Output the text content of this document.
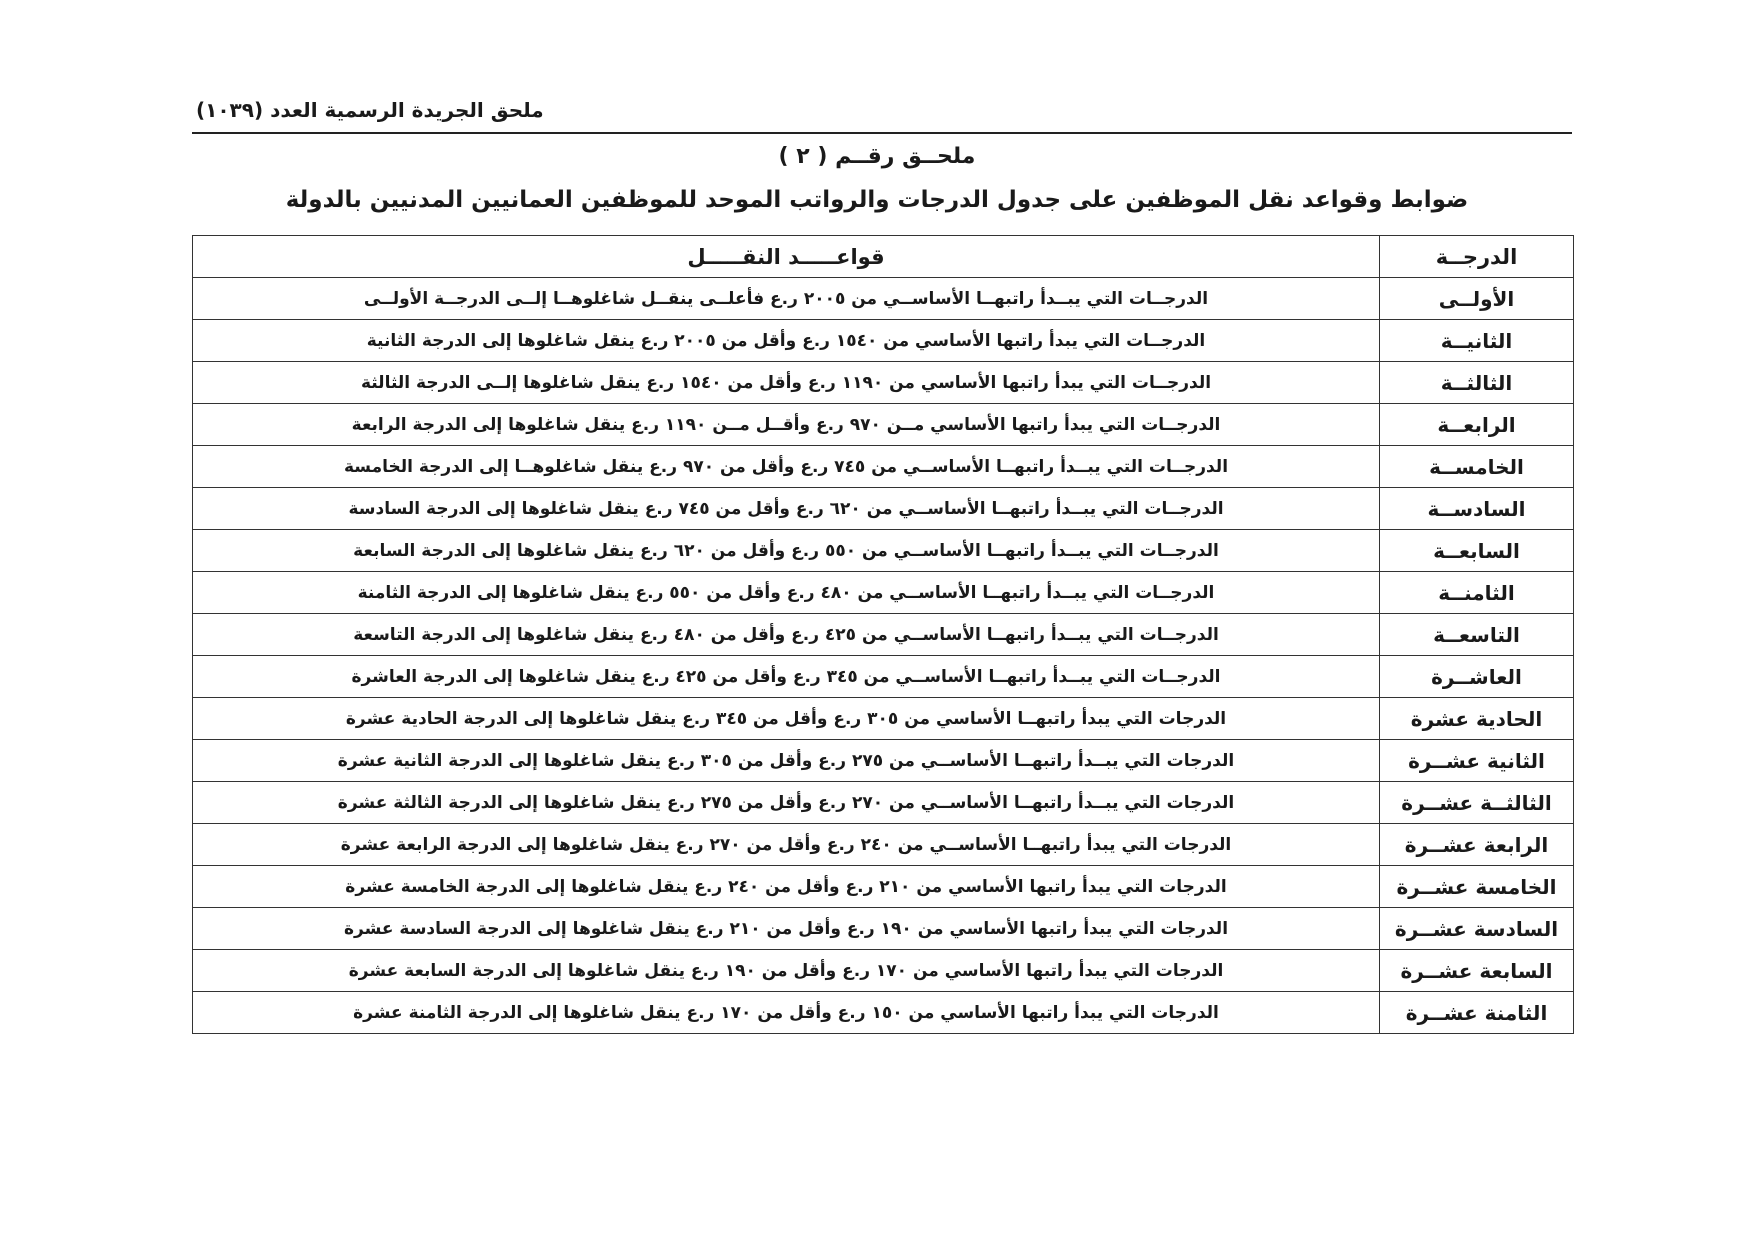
ملحق الجريدة الرسمية العدد (١٠٣٩)
ملحــق رقــم ( ٢ )
ضوابط وقواعد نقل الموظفين على جدول الدرجات والرواتب الموحد للموظفين العمانيين المدنيين بالدولة
الدرجــة	قواعـــــد النقـــــل
الأولــى	الدرجــات التي يبــدأ راتبهــا الأساســي من ٢٠٠٥ ر.ع فأعلــى ينقــل شاغلوهــا إلــى الدرجــة الأولــى
الثانيــة	الدرجــات التي يبدأ راتبها الأساسي من ١٥٤٠ ر.ع وأقل من ٢٠٠٥ ر.ع ينقل شاغلوها إلى الدرجة الثانية
الثالثــة	الدرجــات التي يبدأ راتبها الأساسي من ١١٩٠ ر.ع وأقل من ١٥٤٠ ر.ع ينقل شاغلوها إلــى الدرجة الثالثة
الرابعــة	الدرجــات التي يبدأ راتبها الأساسي مــن ٩٧٠ ر.ع وأقــل مــن ١١٩٠ ر.ع ينقل شاغلوها إلى الدرجة الرابعة
الخامســة	الدرجــات التي يبــدأ راتبهــا الأساســي من ٧٤٥ ر.ع وأقل من ٩٧٠ ر.ع ينقل شاغلوهــا إلى الدرجة الخامسة
السادســة	الدرجــات التي يبــدأ راتبهــا الأساســي من ٦٢٠ ر.ع وأقل من ٧٤٥ ر.ع ينقل شاغلوها إلى الدرجة السادسة
السابعــة	الدرجــات التي يبــدأ راتبهــا الأساســي من ٥٥٠ ر.ع وأقل من ٦٢٠ ر.ع ينقل شاغلوها إلى الدرجة السابعة
الثامنــة	الدرجــات التي يبــدأ راتبهــا الأساســي من ٤٨٠ ر.ع وأقل من ٥٥٠ ر.ع ينقل شاغلوها إلى الدرجة الثامنة
التاسعــة	الدرجــات التي يبــدأ راتبهــا الأساســي من ٤٢٥ ر.ع وأقل من ٤٨٠ ر.ع ينقل شاغلوها إلى الدرجة التاسعة
العاشــرة	الدرجــات التي يبــدأ راتبهــا الأساســي من ٣٤٥ ر.ع وأقل من ٤٢٥ ر.ع ينقل شاغلوها إلى الدرجة العاشرة
الحادية عشرة	الدرجات التي يبدأ راتبهــا الأساسي من ٣٠٥ ر.ع وأقل من ٣٤٥ ر.ع ينقل شاغلوها إلى الدرجة الحادية عشرة
الثانية عشــرة	الدرجات التي يبــدأ راتبهــا الأساســي من ٢٧٥ ر.ع وأقل من ٣٠٥ ر.ع ينقل شاغلوها إلى الدرجة الثانية عشرة
الثالثــة عشــرة	الدرجات التي يبــدأ راتبهــا الأساســي من ٢٧٠ ر.ع وأقل من ٢٧٥ ر.ع ينقل شاغلوها إلى الدرجة الثالثة عشرة
الرابعة عشــرة	الدرجات التي يبدأ راتبهــا الأساســي من ٢٤٠ ر.ع وأقل من ٢٧٠ ر.ع ينقل شاغلوها إلى الدرجة الرابعة عشرة
الخامسة عشــرة	الدرجات التي يبدأ راتبها الأساسي من ٢١٠ ر.ع وأقل من ٢٤٠ ر.ع ينقل شاغلوها إلى الدرجة الخامسة عشرة
السادسة عشــرة	الدرجات التي يبدأ راتبها الأساسي من ١٩٠ ر.ع وأقل من ٢١٠ ر.ع ينقل شاغلوها إلى الدرجة السادسة عشرة
السابعة عشــرة	الدرجات التي يبدأ راتبها الأساسي من ١٧٠ ر.ع وأقل من ١٩٠ ر.ع ينقل شاغلوها إلى الدرجة السابعة عشرة
الثامنة عشــرة	الدرجات التي يبدأ راتبها الأساسي من ١٥٠ ر.ع وأقل من ١٧٠ ر.ع ينقل شاغلوها إلى الدرجة الثامنة عشرة
